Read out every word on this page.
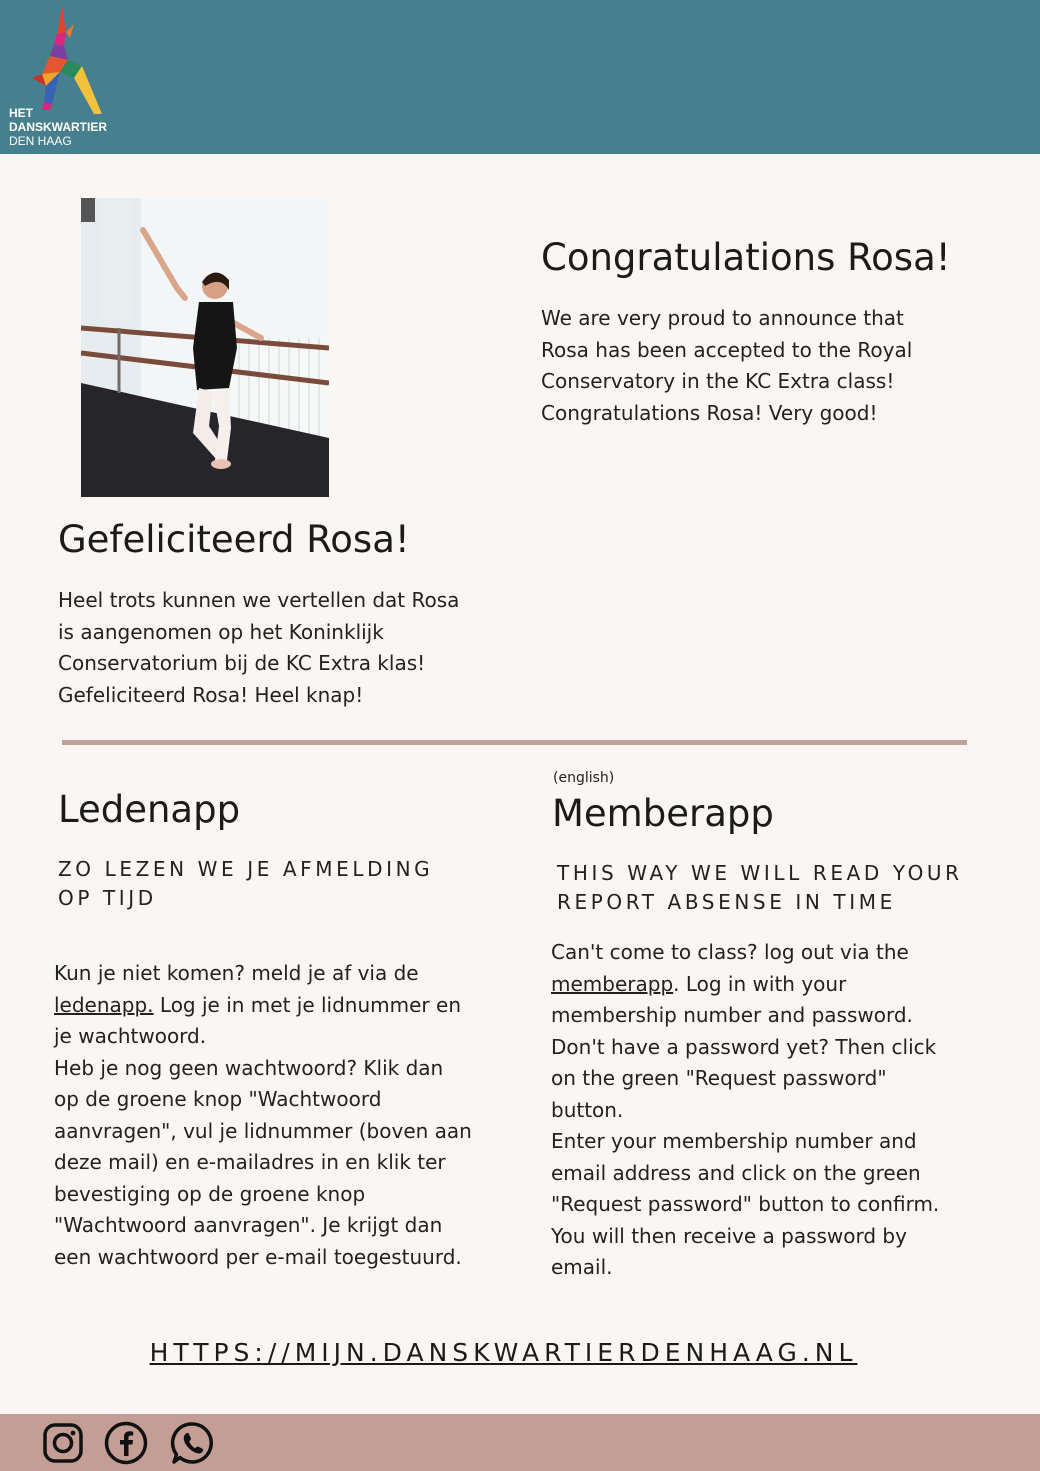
HET
DANSKWARTIER
DEN HAAG
Congratulations Rosa!
We are very proud to announce that
Rosa has been accepted to the Royal
Conservatory in the KC Extra class!
Congratulations Rosa! Very good!
Gefeliciteerd Rosa!
Heel trots kunnen we vertellen dat Rosa
is aangenomen op het Koninklijk
Conservatorium bij de KC Extra klas!
Gefeliciteerd Rosa! Heel knap!
Ledenapp
ZO LEZEN WE JE AFMELDING
OP TIJD
Kun je niet komen? meld je af via de
ledenapp. Log je in met je lidnummer en
je wachtwoord.
Heb je nog geen wachtwoord? Klik dan
op de groene knop "Wachtwoord
aanvragen", vul je lidnummer (boven aan
deze mail) en e-mailadres in en klik ter
bevestiging op de groene knop
"Wachtwoord aanvragen". Je krijgt dan
een wachtwoord per e-mail toegestuurd.
(english)
Memberapp
THIS WAY WE WILL READ YOUR
REPORT ABSENSE IN TIME
Can't come to class? log out via the
memberapp. Log in with your
membership number and password.
Don't have a password yet? Then click
on the green "Request password"
button.
Enter your membership number and
email address and click on the green
"Request password" button to confirm.
You will then receive a password by
email.
HTTPS://MIJN.DANSKWARTIERDENHAAG.NL
